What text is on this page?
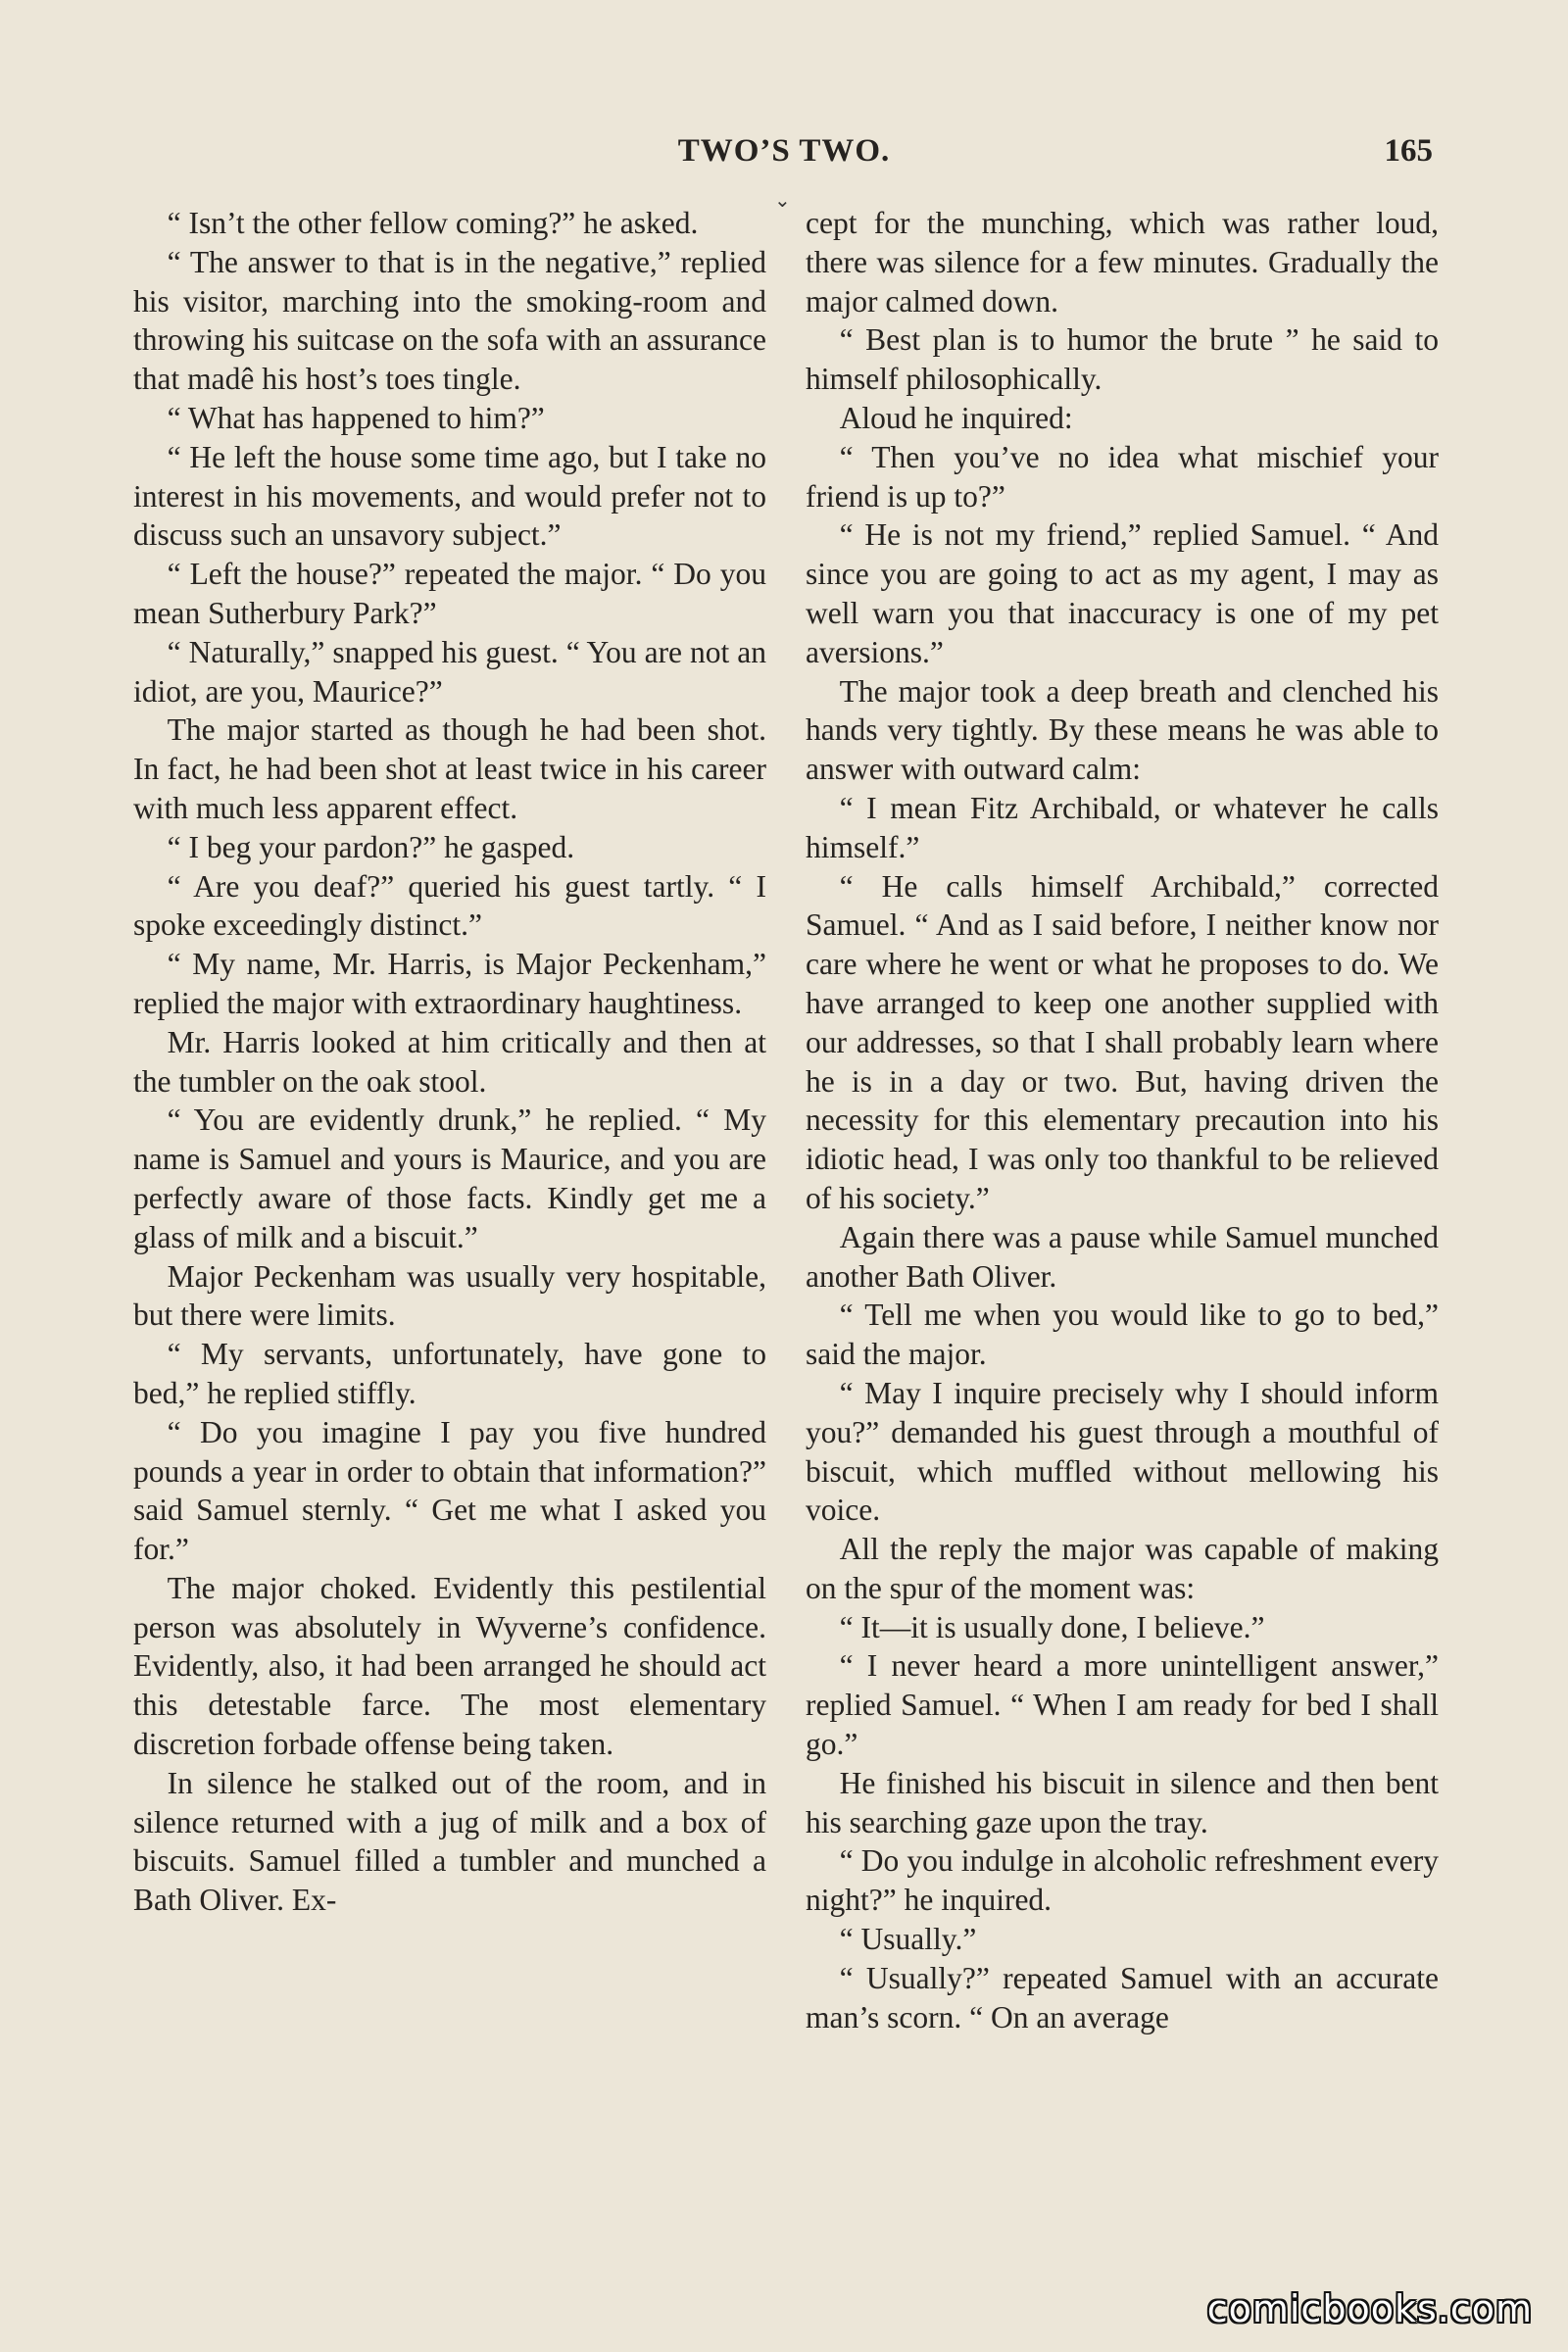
TWO’S TWO.	165
⌄

“ Isn’t the other fellow coming?” he asked.

“ The answer to that is in the negative,” replied his visitor, marching into the smoking-room and throwing his suitcase on the sofa with an assurance that madê his host’s toes tingle.

“ What has happened to him?”

“ He left the house some time ago, but I take no interest in his movements, and would prefer not to discuss such an unsavory subject.”

“ Left the house?” repeated the major. “ Do you mean Sutherbury Park?”

“ Naturally,” snapped his guest. “ You are not an idiot, are you, Maurice?”

The major started as though he had been shot. In fact, he had been shot at least twice in his career with much less apparent effect.

“ I beg your pardon?” he gasped.

“ Are you deaf?” queried his guest tartly. “ I spoke exceedingly distinct.”

“ My name, Mr. Harris, is Major Peckenham,” replied the major with extraordinary haughtiness.

Mr. Harris looked at him critically and then at the tumbler on the oak stool.

“ You are evidently drunk,” he replied. “ My name is Samuel and yours is Maurice, and you are perfectly aware of those facts. Kindly get me a glass of milk and a biscuit.”

Major Peckenham was usually very hospitable, but there were limits.

“ My servants, unfortunately, have gone to bed,” he replied stiffly.

“ Do you imagine I pay you five hundred pounds a year in order to obtain that information?” said Samuel sternly. “ Get me what I asked you for.”

The major choked. Evidently this pestilential person was absolutely in Wyverne’s confidence. Evidently, also, it had been arranged he should act this detestable farce. The most elementary discretion forbade offense being taken.

In silence he stalked out of the room, and in silence returned with a jug of milk and a box of biscuits. Samuel filled a tumbler and munched a Bath Oliver. Ex-

cept for the munching, which was rather loud, there was silence for a few minutes. Gradually the major calmed down.

“ Best plan is to humor the brute ” he said to himself philosophically.

Aloud he inquired:

“ Then you’ve no idea what mischief your friend is up to?”

“ He is not my friend,” replied Samuel. “ And since you are going to act as my agent, I may as well warn you that inaccuracy is one of my pet aversions.”

The major took a deep breath and clenched his hands very tightly. By these means he was able to answer with outward calm:

“ I mean Fitz Archibald, or whatever he calls himself.”

“ He calls himself Archibald,” corrected Samuel. “ And as I said before, I neither know nor care where he went or what he proposes to do. We have arranged to keep one another supplied with our addresses, so that I shall probably learn where he is in a day or two. But, having driven the necessity for this elementary precaution into his idiotic head, I was only too thankful to be relieved of his society.”

Again there was a pause while Samuel munched another Bath Oliver.

“ Tell me when you would like to go to bed,” said the major.

“ May I inquire precisely why I should inform you?” demanded his guest through a mouthful of biscuit, which muffled without mellowing his voice.

All the reply the major was capable of making on the spur of the moment was:

“ It—it is usually done, I believe.”

“ I never heard a more unintelligent answer,” replied Samuel. “ When I am ready for bed I shall go.”

He finished his biscuit in silence and then bent his searching gaze upon the tray.

“ Do you indulge in alcoholic refreshment every night?” he inquired.

“ Usually.”

“ Usually?” repeated Samuel with an accurate man’s scorn. “ On an average

comicbooks.com
